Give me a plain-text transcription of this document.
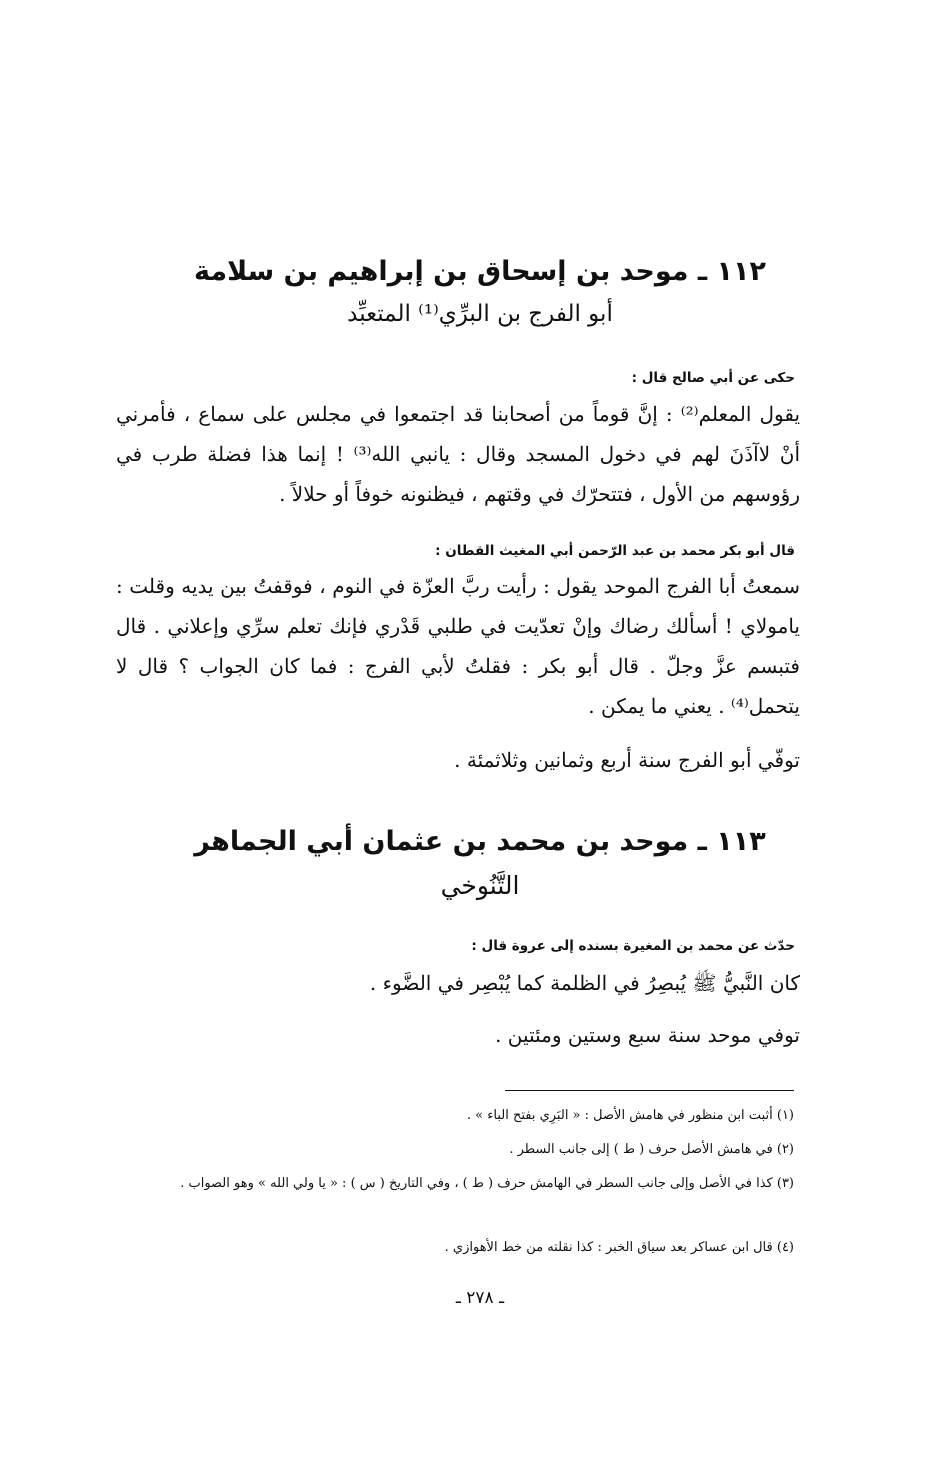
١١٢ ـ موحد بن إسحاق بن إبراهيم بن سلامة
أبو الفرج بن البرِّي⁽¹⁾ المتعبِّد
حكى عن أبي صالح قال :
يقول المعلم⁽²⁾ : إنَّ قوماً من أصحابنا قد اجتمعوا في مجلس على سماع ، فأمرني أنْ لاآذَنَ لهم في دخول المسجد وقال : يانبي الله⁽³⁾ ! إنما هذا فضلة طرب في رؤوسهم من الأول ، فتتحرّك في وقتهم ، فيظنونه خوفاً أو حلالاً .
قال أبو بكر محمد بن عبد الرّحمن أبي المغيث القطان :
سمعتُ أبا الفرج الموحد يقول : رأيت ربَّ العزّة في النوم ، فوقفتُ بين يديه وقلت : يامولاي ! أسألك رضاك وإنْ تعدّيت في طلبي قَدْري فإنك تعلم سرِّي وإعلاني . قال فتبسم عزَّ وجلّ . قال أبو بكر : فقلتُ لأبي الفرج : فما كان الجواب ؟ قال لا يتحمل⁽⁴⁾ . يعني ما يمكن .
توفّي أبو الفرج سنة أربع وثمانين وثلاثمئة .
١١٣ ـ موحد بن محمد بن عثمان أبي الجماهر
التَّنُوخي
حدّث عن محمد بن المغيرة بسنده إلى عروة قال :
كان النَّبيُّ ﷺ يُبصِرُ في الظلمة كما يُبْصِر في الضَّوء .
توفي موحد سنة سبع وستين ومئتين .
(١) أثبت ابن منظور في هامش الأصل : « البَرِي بفتح الباء » .
(٢) في هامش الأصل حرف ( ط ) إلى جانب السطر .
(٣) كذا في الأصل وإلى جانب السطر في الهامش حرف ( ط ) ، وفي التاريخ ( س ) : « يا ولي الله » وهو الصواب .
(٤) قال ابن عساكر بعد سياق الخبر : كذا نقلته من خط الأهوازي .
ـ ٢٧٨ ـ
